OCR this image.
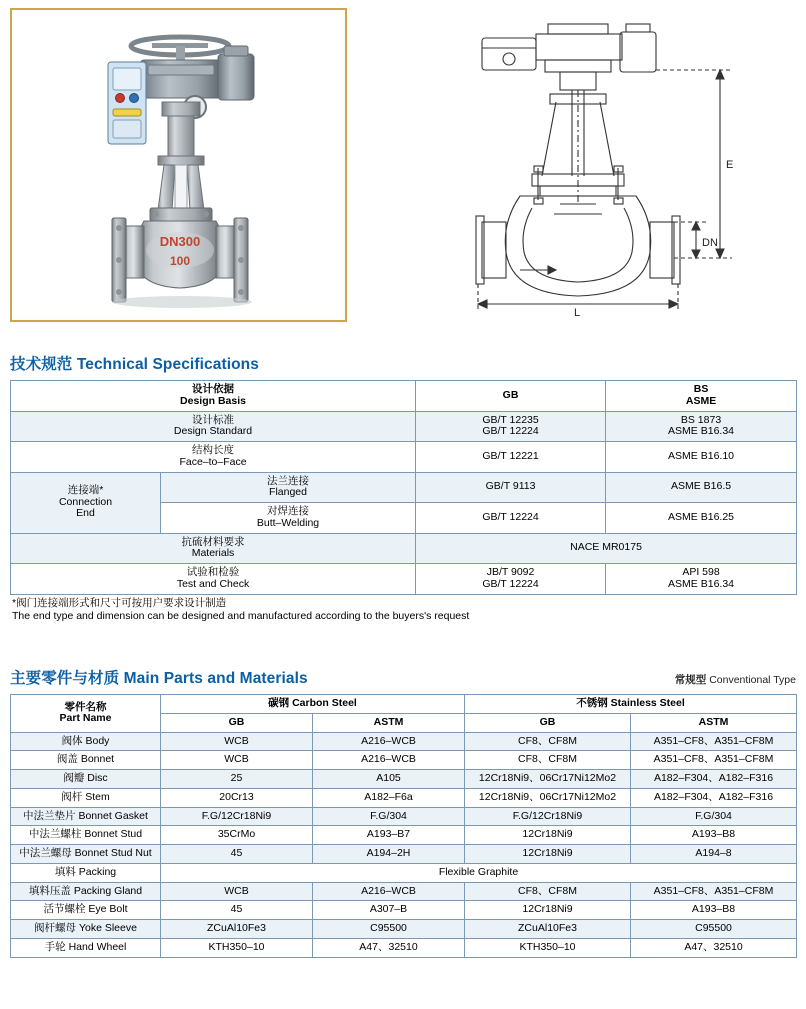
DN300
100
E
DN
L
技术规范 Technical Specifications
设计依据
Design Basis		GB	BS
ASME

设计标准
Design Standard		GB/T 12235
GB/T 12224	BS 1873
ASME B16.34

结构长度
Face–to–Face		GB/T 12221	ASME B16.10

连接端*
Connection
End	法兰连接
Flanged	GB/T 9113	ASME B16.5

	对焊连接
Butt–Welding	GB/T 12224	ASME B16.25

抗硫材料要求
Materials		NACE MR0175	

试验和检验
Test and Check		JB/T 9092
GB/T 12224	API 598
ASME B16.34
*阀门连接端形式和尺寸可按用户要求设计制造
The end type and dimension can be designed and manufactured according to the buyers's request
主要零件与材质 Main Parts and Materials	常规型 Conventional Type
零件名称
Part Name	碳钢 Carbon Steel		不锈钢 Stainless Steel	
	GB	ASTM	GB	ASTM
阀体 Body	WCB	A216–WCB	CF8、CF8M	A351–CF8、A351–CF8M
阀盖 Bonnet	WCB	A216–WCB	CF8、CF8M	A351–CF8、A351–CF8M
阀瓣 Disc	25	A105	12Cr18Ni9、06Cr17Ni12Mo2	A182–F304、A182–F316
阀杆 Stem	20Cr13	A182–F6a	12Cr18Ni9、06Cr17Ni12Mo2	A182–F304、A182–F316
中法兰垫片 Bonnet Gasket	F.G/12Cr18Ni9	F.G/304	F.G/12Cr18Ni9	F.G/304
中法兰螺柱 Bonnet Stud	35CrMo	A193–B7	12Cr18Ni9	A193–B8
中法兰螺母 Bonnet Stud Nut	45	A194–2H	12Cr18Ni9	A194–8
填料 Packing	Flexible Graphite			
填料压盖 Packing Gland	WCB	A216–WCB	CF8、CF8M	A351–CF8、A351–CF8M
活节螺栓 Eye Bolt	45	A307–B	12Cr18Ni9	A193–B8
阀杆螺母 Yoke Sleeve	ZCuAl10Fe3	C95500	ZCuAl10Fe3	C95500
手轮 Hand Wheel	KTH350–10	A47、32510	KTH350–10	A47、32510
